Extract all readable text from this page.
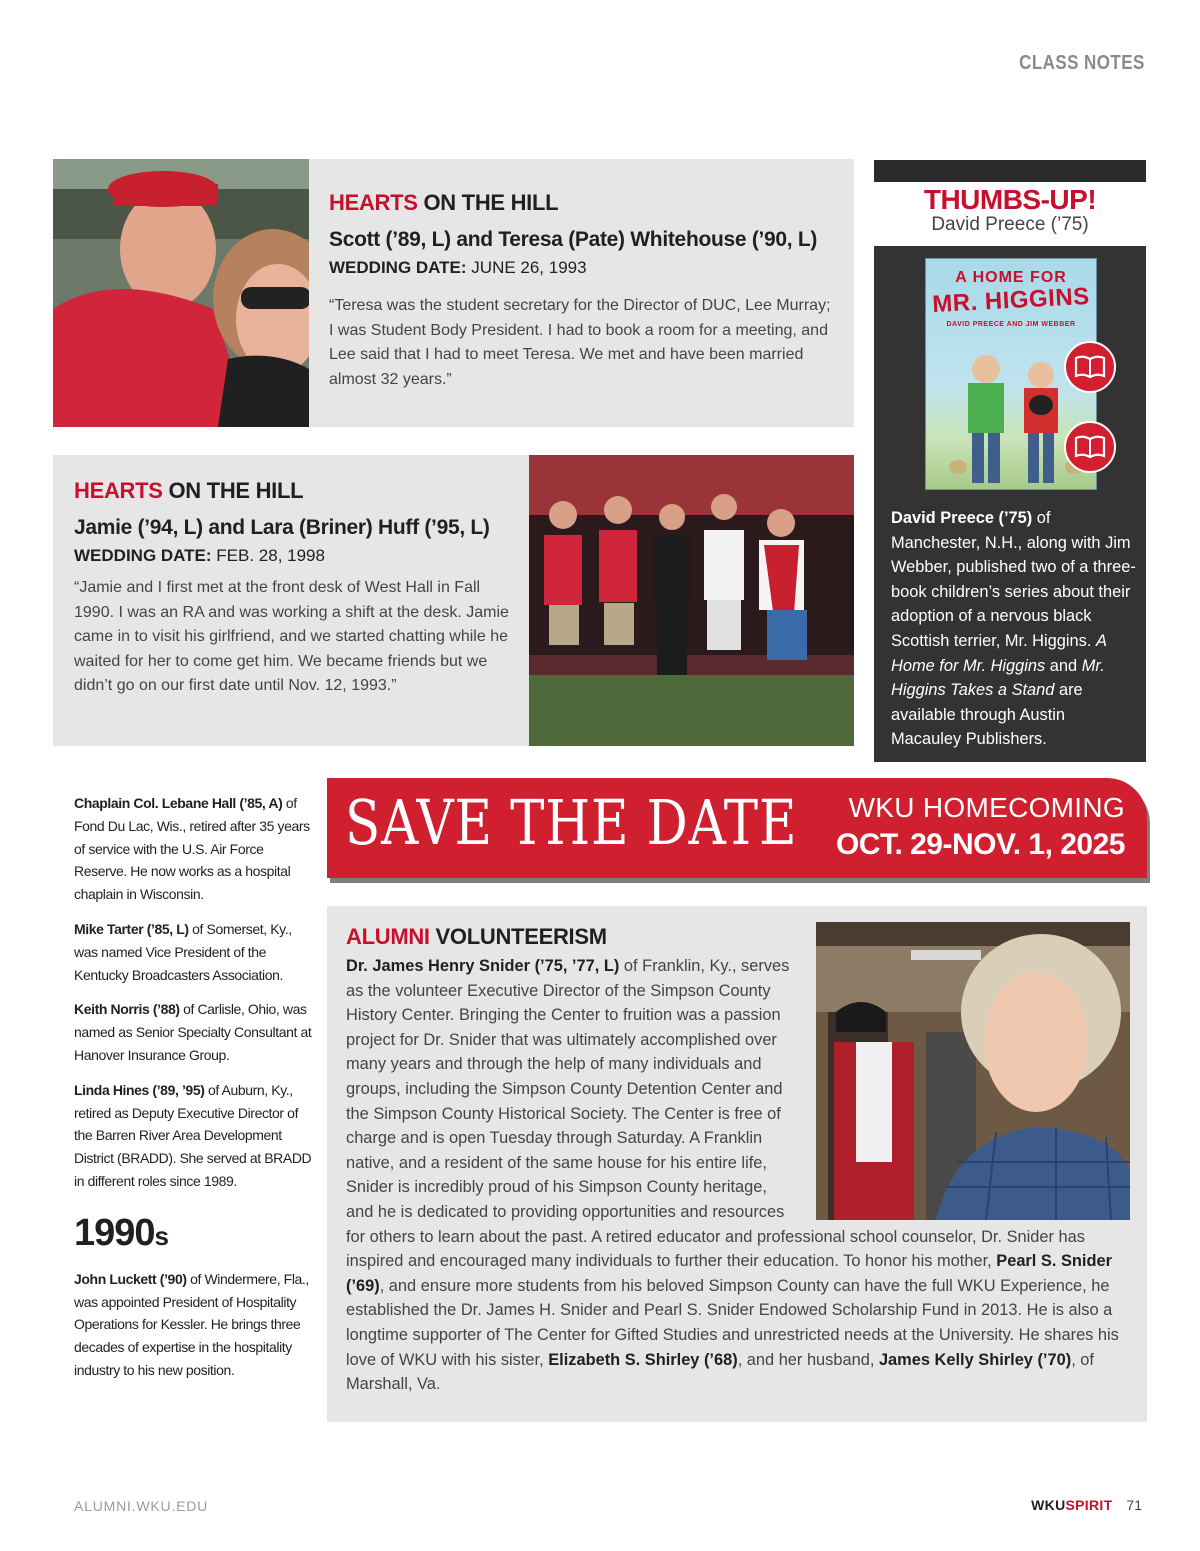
CLASS NOTES
HEARTS ON THE HILL
Scott (’89, L) and Teresa (Pate) Whitehouse (’90, L)
WEDDING DATE: JUNE 26, 1993
“Teresa was the student secretary for the Director of DUC, Lee Murray; I was Student Body President. I had to book a room for a meeting, and Lee said that I had to meet Teresa. We met and have been married almost 32 years.”
HEARTS ON THE HILL
Jamie (’94, L) and Lara (Briner) Huff (’95, L)
WEDDING DATE: FEB. 28, 1998
“Jamie and I first met at the front desk of West Hall in Fall 1990. I was an RA and was working a shift at the desk. Jamie came in to visit his girlfriend, and we started chatting while he waited for her to come get him. We became friends but we didn’t go on our first date until Nov. 12, 1993.”
THUMBS-UP!
David Preece (’75)
A HOME FOR
MR. HIGGINS
DAVID PREECE AND JIM WEBBER
David Preece (’75) of Manchester, N.H., along with Jim Webber, published two of a three-book children’s series about their adoption of a nervous black Scottish terrier, Mr. Higgins. A Home for Mr. Higgins and Mr. Higgins Takes a Stand are available through Austin Macauley Publishers.

Chaplain Col. Lebane Hall (’85, A) of Fond Du Lac, Wis., retired after 35 years of service with the U.S. Air Force Reserve. He now works as a hospital chaplain in Wisconsin.

Mike Tarter (’85, L) of Somerset, Ky., was named Vice President of the Kentucky Broadcasters Association.

Keith Norris (’88) of Carlisle, Ohio, was named as Senior Specialty Consultant at Hanover Insurance Group.

Linda Hines (’89, ’95) of Auburn, Ky., retired as Deputy Executive Director of the Barren River Area Development District (BRADD). She served at BRADD in different roles since 1989.

1990s

John Luckett (’90) of Windermere, Fla., was appointed President of Hospitality Operations for Kessler. He brings three decades of expertise in the hospitality industry to his new position.

SAVE THE DATE WKU HOMECOMING
OCT. 29-NOV. 1, 2025
ALUMNI VOLUNTEERISM
Dr. James Henry Snider (’75, ’77, L) of Franklin, Ky., serves as the volunteer Executive Director of the Simpson County History Center. Bringing the Center to fruition was a passion project for Dr. Snider that was ultimately accomplished over many years and through the help of many individuals and groups, including the Simpson County Detention Center and the Simpson County Historical Society. The Center is free of charge and is open Tuesday through Saturday. A Franklin native, and a resident of the same house for his entire life, Snider is incredibly proud of his Simpson County heritage, and he is dedicated to providing opportunities and resources for others to learn about the past. A retired educator and professional school counselor, Dr. Snider has inspired and encouraged many individuals to further their education. To honor his mother, Pearl S. Snider (’69), and ensure more students from his beloved Simpson County can have the full WKU Experience, he established the Dr. James H. Snider and Pearl S. Snider Endowed Scholarship Fund in 2013. He is also a longtime supporter of The Center for Gifted Studies and unrestricted needs at the University. He shares his love of WKU with his sister, Elizabeth S. Shirley (’68), and her husband, James Kelly Shirley (’70), of Marshall, Va.
ALUMNI.WKU.EDU	WKUSPIRIT 71
